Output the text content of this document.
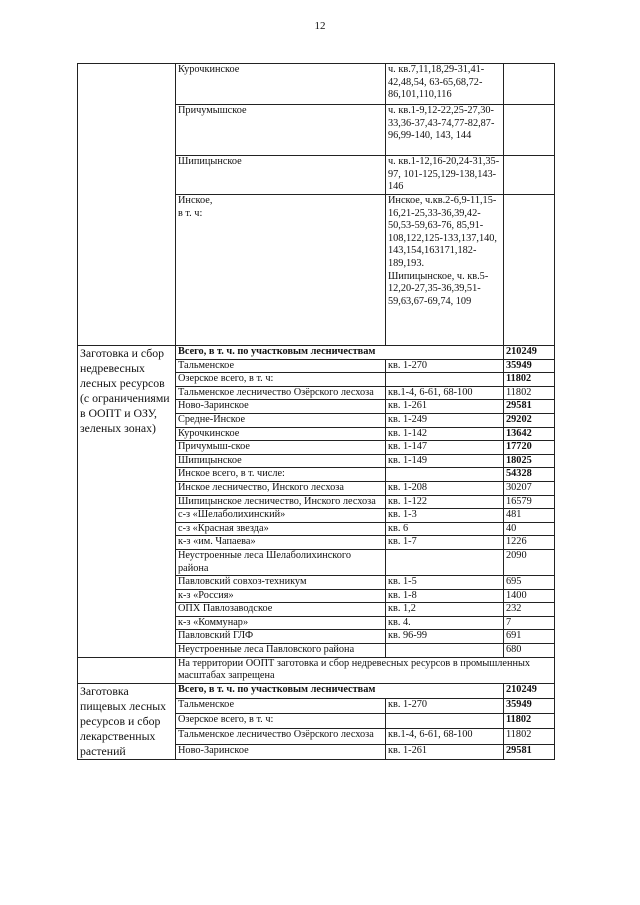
12
	Курочкинское	ч. кв.7,11,18,29-31,41-42,48,54, 63-65,68,72-86,101,110,116	
	Причумышское	ч. кв.1-9,12-22,25-27,30-33,36-37,43-74,77-82,87-96,99-140, 143, 144	
	Шипицынское	ч. кв.1-12,16-20,24-31,35-97, 101-125,129-138,143-146	
	Инское,
в т. ч:	Инское, ч.кв.2-6,9-11,15-16,21-25,33-36,39,42-50,53-59,63-76, 85,91-108,122,125-133,137,140, 143,154,163171,182-189,193.
Шипицынское, ч. кв.5-12,20-27,35-36,39,51-59,63,67-69,74, 109	
Заготовка и сбор недревесных лесных ресурсов (с ограничениями в ООПТ и ОЗУ, зеленых зонах)	Всего, в т. ч. по участковым лесничествам		210249
	Тальменское	кв. 1-270	35949
	Озерское всего, в т. ч:		11802
	Тальменское лесничество Озёрского лесхоза	кв.1-4, 6-61, 68-100	11802
	Ново-Заринское	кв. 1-261	29581
	Средне-Инское	кв. 1-249	29202
	Курочкинское	кв. 1-142	13642
	Причумыш-ское	кв. 1-147	17720
	Шипицынское	кв. 1-149	18025
	Инское всего, в т. числе:		54328
	Инское лесничество, Инского лесхоза	кв. 1-208	30207
	Шипицынское лесничество, Инского лесхоза	кв. 1-122	16579
	с-з «Шелаболихинский»	кв. 1-3	481
	с-з «Красная звезда»	кв. 6	40
	к-з «им. Чапаева»	кв. 1-7	1226
	Неустроенные леса Шелаболихинского района		2090
	Павловский совхоз-техникум	кв. 1-5	695
	к-з «Россия»	кв. 1-8	1400
	ОПХ Павлозаводское	кв. 1,2	232
	к-з «Коммунар»	кв. 4.	7
	Павловский ГЛФ	кв. 96-99	691
	Неустроенные леса Павловского района		680
	На территории ООПТ заготовка и сбор недревесных ресурсов в промышленных масштабах запрещена		
Заготовка пищевых лесных ресурсов и сбор лекарственных растений	Всего, в т. ч. по участковым лесничествам		210249
	Тальменское	кв. 1-270	35949
	Озерское всего, в т. ч:		11802
	Тальменское лесничество Озёрского лесхоза	кв.1-4, 6-61, 68-100	11802
	Ново-Заринское	кв. 1-261	29581
